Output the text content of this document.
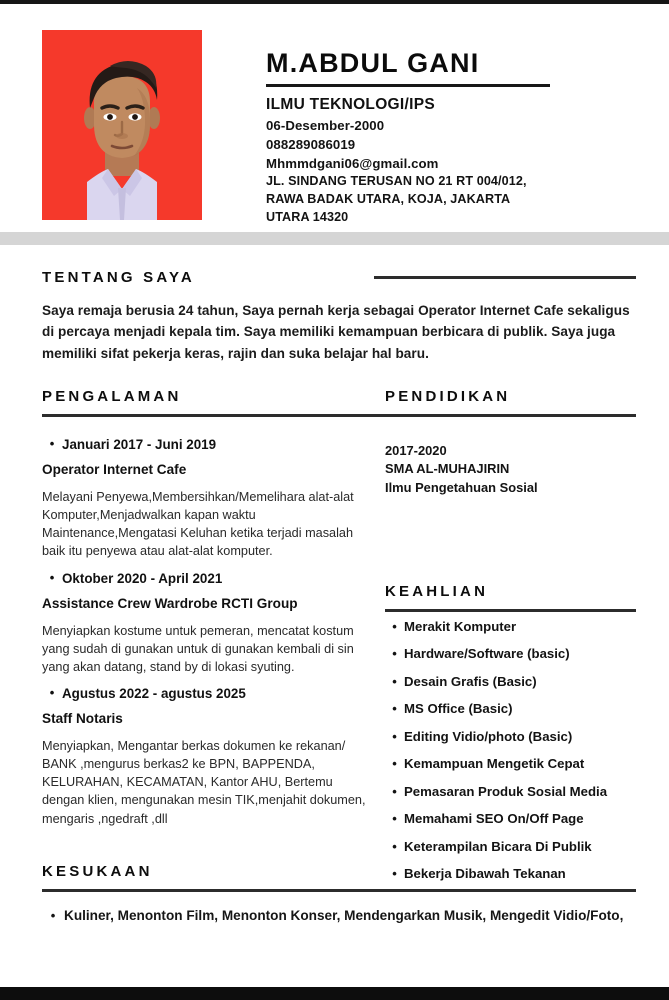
M.ABDUL GANI
ILMU TEKNOLOGI/IPS
06-Desember-2000
088289086019
Mhmmdgani06@gmail.com
JL. SINDANG TERUSAN NO 21 RT 004/012,
RAWA BADAK UTARA, KOJA, JAKARTA
UTARA 14320
TENTANG SAYA
Saya remaja berusia 24 tahun, Saya pernah kerja sebagai Operator Internet Cafe sekaligus di percaya menjadi kepala tim. Saya memiliki kemampuan berbicara di publik. Saya juga memiliki sifat pekerja keras, rajin dan suka belajar hal baru.
PENGALAMAN	PENDIDIKAN
• Januari 2017 - Juni 2019
Operator Internet Cafe
Melayani Penyewa,Membersihkan/Memelihara alat-alat Komputer,Menjadwalkan kapan waktu Maintenance,Mengatasi Keluhan ketika terjadi masalah baik itu penyewa atau alat-alat komputer.
• Oktober 2020 - April 2021
Assistance Crew Wardrobe RCTI Group
Menyiapkan kostume untuk pemeran, mencatat kostum yang sudah di gunakan untuk di gunakan kembali di sin yang akan datang, stand by di lokasi syuting.
• Agustus 2022 - agustus 2025
Staff Notaris
Menyiapkan, Mengantar berkas dokumen ke rekanan/ BANK ,mengurus berkas2 ke BPN, BAPPENDA, KELURAHAN, KECAMATAN, Kantor AHU, Bertemu dengan klien, mengunakan mesin TIK,menjahit dokumen, mengaris ,ngedraft ,dll
2017-2020
SMA AL-MUHAJIRIN
Ilmu Pengetahuan Sosial
KEAHLIAN
• Merakit Komputer
• Hardware/Software (basic)
• Desain Grafis (Basic)
• MS Office (Basic)
• Editing Vidio/photo (Basic)
• Kemampuan Mengetik Cepat
• Pemasaran Produk Sosial Media
• Memahami SEO On/Off Page
• Keterampilan Bicara Di Publik
• Bekerja Dibawah Tekanan
KESUKAAN
• Kuliner, Menonton Film, Menonton Konser, Mendengarkan Musik, Mengedit Vidio/Foto,
